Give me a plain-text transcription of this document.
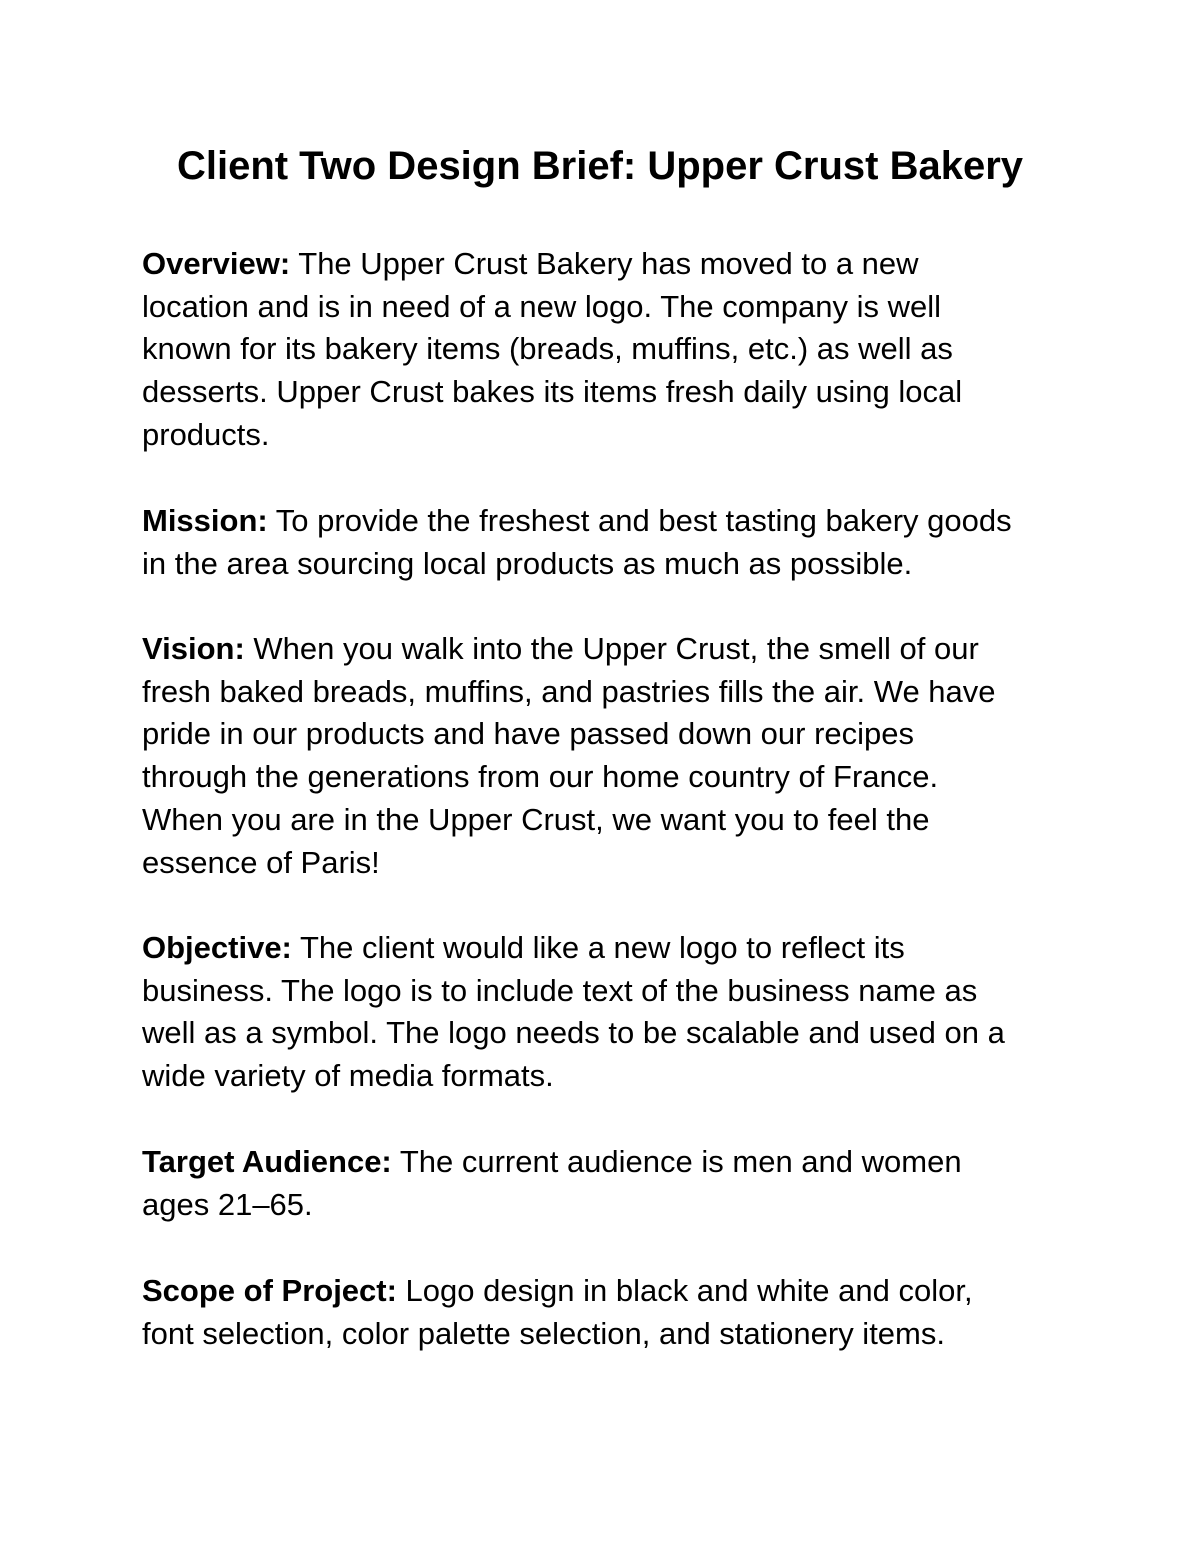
Client Two Design Brief: Upper Crust Bakery

Overview: The Upper Crust Bakery has moved to a new
location and is in need of a new logo. The company is well
known for its bakery items (breads, muffins, etc.) as well as
desserts. Upper Crust bakes its items fresh daily using local
products.

Mission: To provide the freshest and best tasting bakery goods
in the area sourcing local products as much as possible.

Vision: When you walk into the Upper Crust, the smell of our
fresh baked breads, muffins, and pastries fills the air. We have
pride in our products and have passed down our recipes
through the generations from our home country of France.
When you are in the Upper Crust, we want you to feel the
essence of Paris!

Objective: The client would like a new logo to reflect its
business. The logo is to include text of the business name as
well as a symbol. The logo needs to be scalable and used on a
wide variety of media formats.

Target Audience: The current audience is men and women
ages 21–65.

Scope of Project: Logo design in black and white and color,
font selection, color palette selection, and stationery items.
